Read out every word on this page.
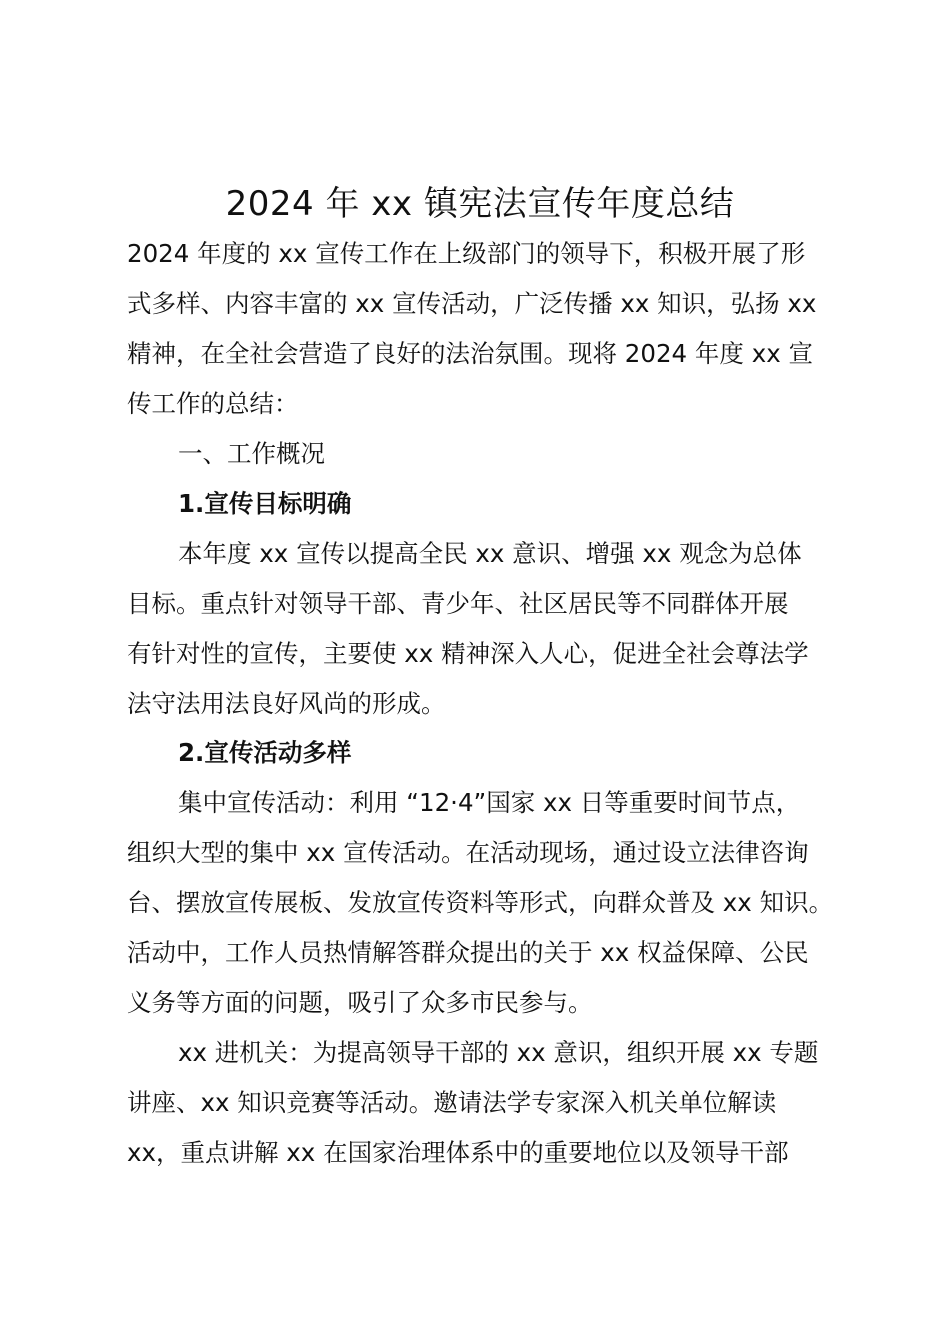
2024 年 xx 镇宪法宣传年度总结

2024 年度的 xx 宣传工作在上级部门的领导下，积极开展了形

式多样、内容丰富的 xx 宣传活动，广泛传播 xx 知识，弘扬 xx

精神，在全社会营造了良好的法治氛围。现将 2024 年度 xx 宣

传工作的总结：

一、工作概况

1.宣传目标明确

本年度 xx 宣传以提高全民 xx 意识、增强 xx 观念为总体

目标。重点针对领导干部、青少年、社区居民等不同群体开展

有针对性的宣传，主要使 xx 精神深入人心，促进全社会尊法学

法守法用法良好风尚的形成。

2.宣传活动多样

集中宣传活动：利用 “12·4”国家 xx 日等重要时间节点，

组织大型的集中 xx 宣传活动。在活动现场，通过设立法律咨询

台、摆放宣传展板、发放宣传资料等形式，向群众普及 xx 知识。

活动中，工作人员热情解答群众提出的关于 xx 权益保障、公民

义务等方面的问题，吸引了众多市民参与。

xx 进机关：为提高领导干部的 xx 意识，组织开展 xx 专题

讲座、xx 知识竞赛等活动。邀请法学专家深入机关单位解读

xx，重点讲解 xx 在国家治理体系中的重要地位以及领导干部
